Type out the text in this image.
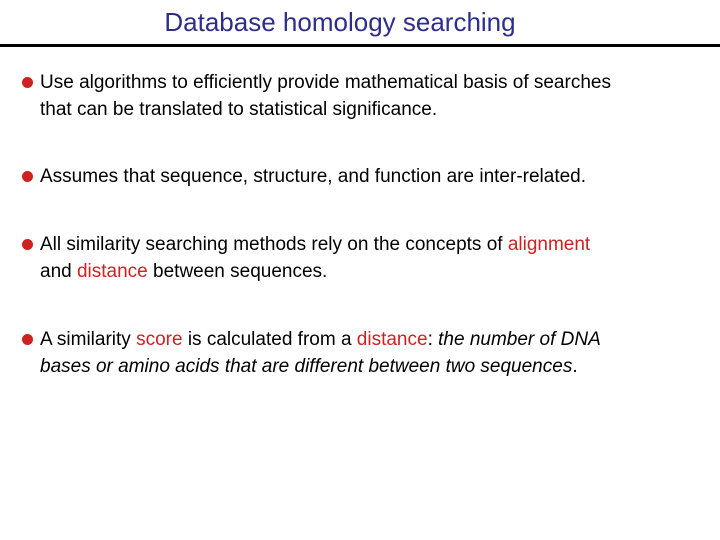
Database homology searching
Use algorithms to efficiently provide mathematical basis of searches
that can be translated to statistical significance.
Assumes that sequence, structure, and function are inter-related.
All similarity searching methods rely on the concepts of alignment
and distance between sequences.
A similarity score is calculated from a distance: the number of DNA
bases or amino acids that are different between two sequences.
